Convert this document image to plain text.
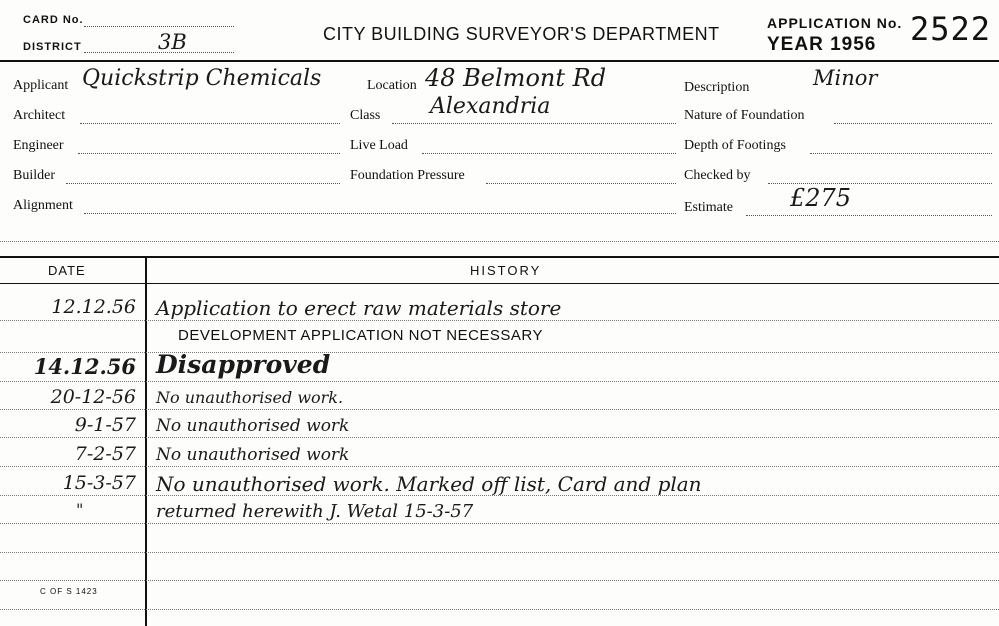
CARD No.
DISTRICT	3B	CITY BUILDING SURVEYOR'S DEPARTMENT
APPLICATION No. 2522
YEAR 1956
Applicant Quickstrip Chemicals	Location 48 Belmont Rd	Description	Minor
Architect	Class Alexandria	Nature of Foundation
Engineer	Live Load	Depth of Footings
Builder	Foundation Pressure	Checked by
Alignment	Estimate £275
DATE	HISTORY
12.12.56 Application to erect raw materials store
DEVELOPMENT APPLICATION NOT NECESSARY
14.12.56 Disapproved
20-12-56 No unauthorised work.
9-1-57 No unauthorised work
7-2-57 No unauthorised work
15-3-57 No unauthorised work. Marked off list, Card and plan
"	returned herewith J. Wetal 15-3-57
C OF S 1423
